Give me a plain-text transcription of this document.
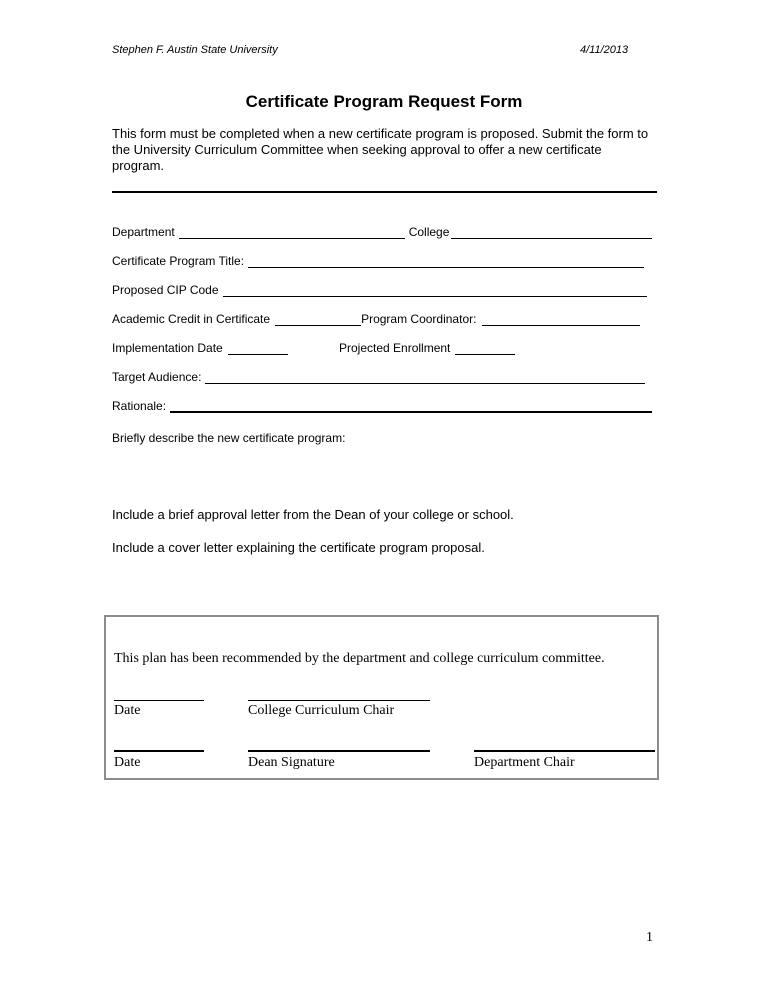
Stephen F. Austin State University	4/11/2013
Certificate Program Request Form
This form must be completed when a new certificate program is proposed. Submit the form to the University Curriculum Committee when seeking approval to offer a new certificate program.
Department	College
Certificate Program Title:
Proposed CIP Code
Academic Credit in Certificate	Program Coordinator:
Implementation Date	Projected Enrollment
Target Audience:
Rationale:
Briefly describe the new certificate program:
Include a brief approval letter from the Dean of your college or school.
Include a cover letter explaining the certificate program proposal.
This plan has been recommended by the department and college curriculum committee.
Date	College Curriculum Chair
Date	Dean Signature	Department Chair
1
